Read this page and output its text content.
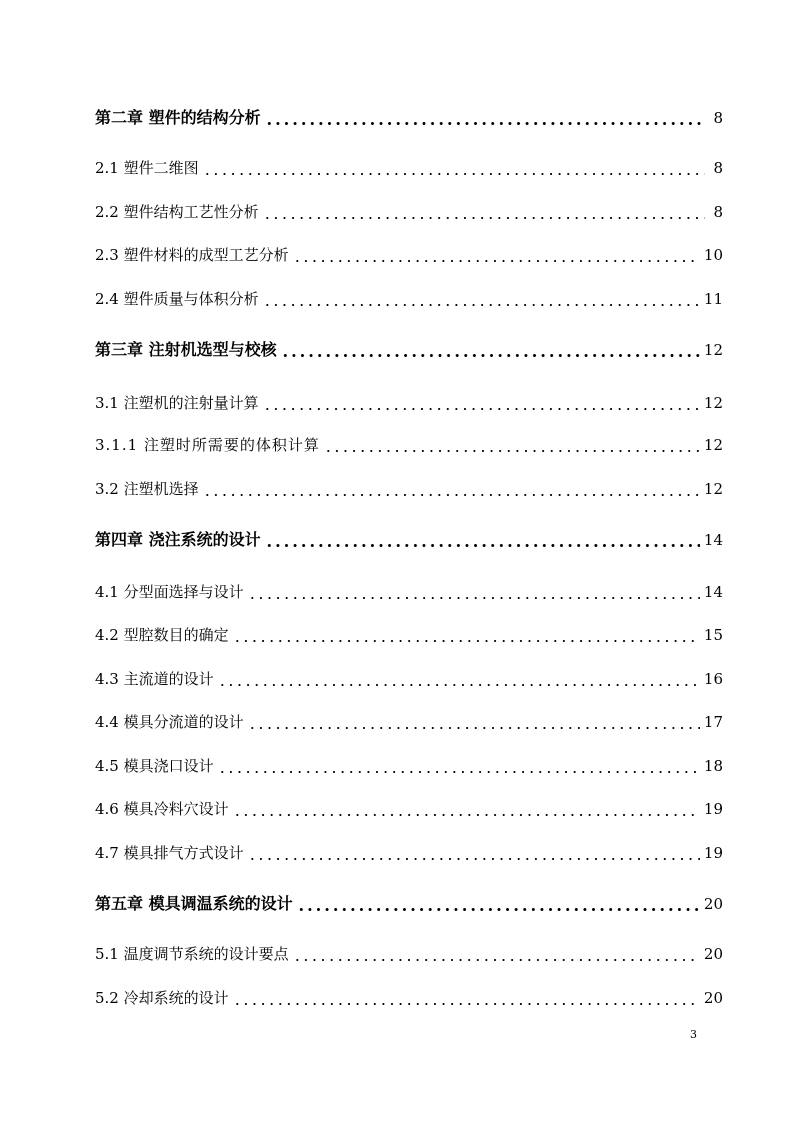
第二章 塑件的结构分析	8
2.1 塑件二维图	8
2.2 塑件结构工艺性分析	8
2.3 塑件材料的成型工艺分析	10
2.4 塑件质量与体积分析	11
第三章 注射机选型与校核	12
3.1 注塑机的注射量计算	12
3.1.1 注塑时所需要的体积计算	12
3.2 注塑机选择	12
第四章 浇注系统的设计	14
4.1 分型面选择与设计	14
4.2 型腔数目的确定	15
4.3 主流道的设计	16
4.4 模具分流道的设计	17
4.5 模具浇口设计	18
4.6 模具冷料穴设计	19
4.7 模具排气方式设计	19
第五章 模具调温系统的设计	20
5.1 温度调节系统的设计要点	20
5.2 冷却系统的设计	20
3
